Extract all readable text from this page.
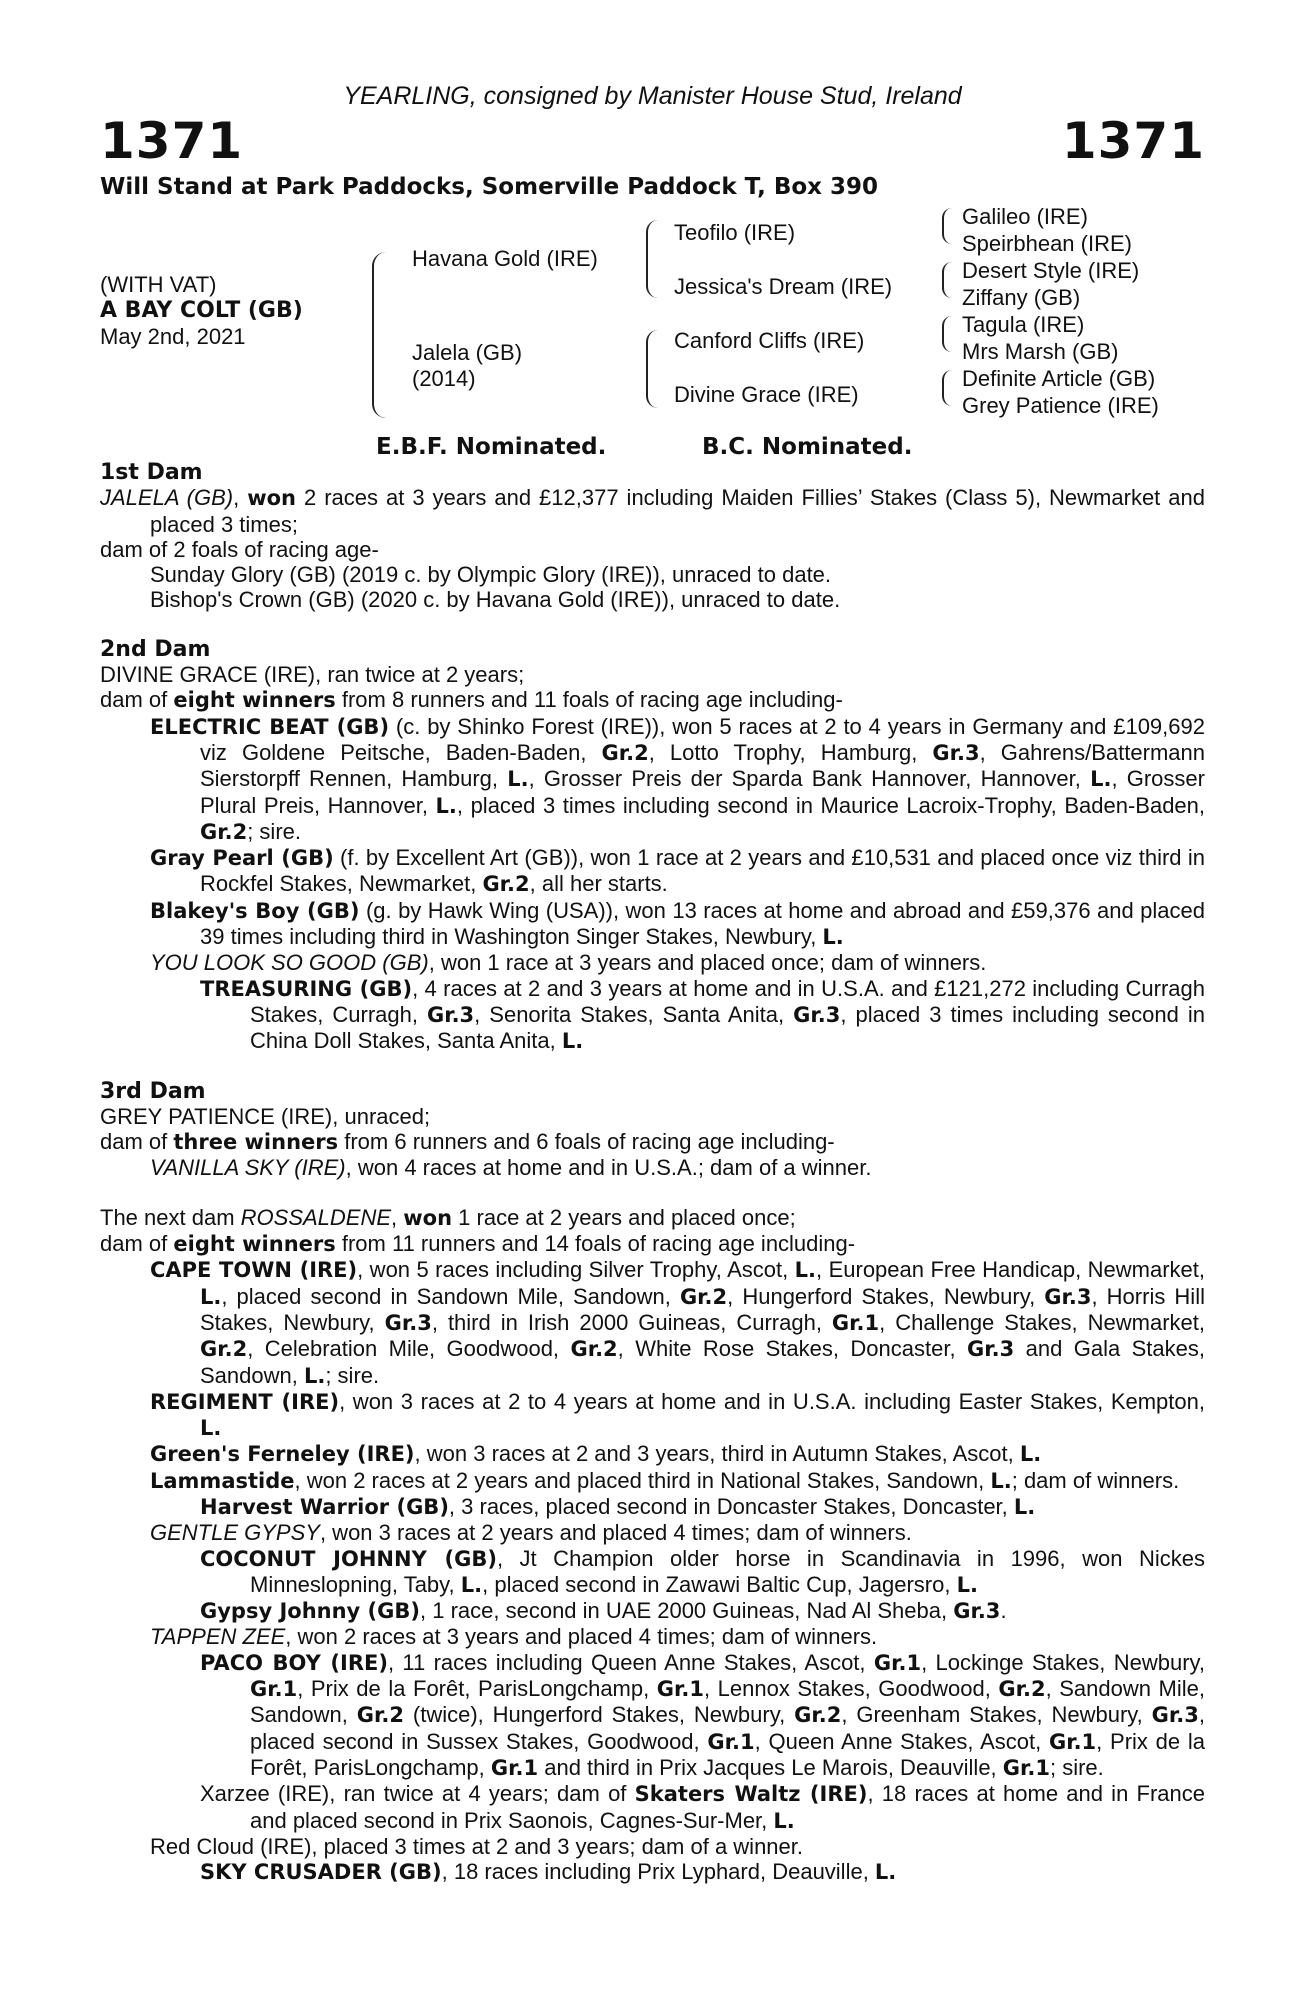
YEARLING, consigned by Manister House Stud, Ireland
1371	1371
Will Stand at Park Paddocks, Somerville Paddock T, Box 390
(WITH VAT)
A BAY COLT (GB)
May 2nd, 2021
Havana Gold (IRE)
Jalela (GB)
(2014)
Teofilo (IRE)
Jessica's Dream (IRE)
Canford Cliffs (IRE)
Divine Grace (IRE)
Galileo (IRE)
Speirbhean (IRE)
Desert Style (IRE)
Ziffany (GB)
Tagula (IRE)
Mrs Marsh (GB)
Definite Article (GB)
Grey Patience (IRE)
E.B.F. Nominated.	B.C. Nominated.

1st Dam

JALELA (GB), won 2 races at 3 years and £12,377 including Maiden Fillies’ Stakes (Class 5), Newmarket and placed 3 times;

dam of 2 foals of racing age-

Sunday Glory (GB) (2019 c. by Olympic Glory (IRE)), unraced to date.

Bishop's Crown (GB) (2020 c. by Havana Gold (IRE)), unraced to date.

2nd Dam

DIVINE GRACE (IRE), ran twice at 2 years;

dam of eight winners from 8 runners and 11 foals of racing age including-

ELECTRIC BEAT (GB) (c. by Shinko Forest (IRE)), won 5 races at 2 to 4 years in Germany and £109,692 viz Goldene Peitsche, Baden-Baden, Gr.2, Lotto Trophy, Hamburg, Gr.3, Gahrens/Battermann Sierstorpff Rennen, Hamburg, L., Grosser Preis der Sparda Bank Hannover, Hannover, L., Grosser Plural Preis, Hannover, L., placed 3 times including second in Maurice Lacroix-Trophy, Baden-Baden, Gr.2; sire.

Gray Pearl (GB) (f. by Excellent Art (GB)), won 1 race at 2 years and £10,531 and placed once viz third in Rockfel Stakes, Newmarket, Gr.2, all her starts.

Blakey's Boy (GB) (g. by Hawk Wing (USA)), won 13 races at home and abroad and £59,376 and placed 39 times including third in Washington Singer Stakes, Newbury, L.

YOU LOOK SO GOOD (GB), won 1 race at 3 years and placed once; dam of winners.

TREASURING (GB), 4 races at 2 and 3 years at home and in U.S.A. and £121,272 including Curragh Stakes, Curragh, Gr.3, Senorita Stakes, Santa Anita, Gr.3, placed 3 times including second in China Doll Stakes, Santa Anita, L.

3rd Dam

GREY PATIENCE (IRE), unraced;

dam of three winners from 6 runners and 6 foals of racing age including-

VANILLA SKY (IRE), won 4 races at home and in U.S.A.; dam of a winner.

The next dam ROSSALDENE, won 1 race at 2 years and placed once;

dam of eight winners from 11 runners and 14 foals of racing age including-

CAPE TOWN (IRE), won 5 races including Silver Trophy, Ascot, L., European Free Handicap, Newmarket, L., placed second in Sandown Mile, Sandown, Gr.2, Hungerford Stakes, Newbury, Gr.3, Horris Hill Stakes, Newbury, Gr.3, third in Irish 2000 Guineas, Curragh, Gr.1, Challenge Stakes, Newmarket, Gr.2, Celebration Mile, Goodwood, Gr.2, White Rose Stakes, Doncaster, Gr.3 and Gala Stakes, Sandown, L.; sire.

REGIMENT (IRE), won 3 races at 2 to 4 years at home and in U.S.A. including Easter Stakes, Kempton, L.

Green's Ferneley (IRE), won 3 races at 2 and 3 years, third in Autumn Stakes, Ascot, L.

Lammastide, won 2 races at 2 years and placed third in National Stakes, Sandown, L.; dam of winners.

Harvest Warrior (GB), 3 races, placed second in Doncaster Stakes, Doncaster, L.

GENTLE GYPSY, won 3 races at 2 years and placed 4 times; dam of winners.

COCONUT JOHNNY (GB), Jt Champion older horse in Scandinavia in 1996, won Nickes Minneslopning, Taby, L., placed second in Zawawi Baltic Cup, Jagersro, L.

Gypsy Johnny (GB), 1 race, second in UAE 2000 Guineas, Nad Al Sheba, Gr.3.

TAPPEN ZEE, won 2 races at 3 years and placed 4 times; dam of winners.

PACO BOY (IRE), 11 races including Queen Anne Stakes, Ascot, Gr.1, Lockinge Stakes, Newbury, Gr.1, Prix de la Forêt, ParisLongchamp, Gr.1, Lennox Stakes, Goodwood, Gr.2, Sandown Mile, Sandown, Gr.2 (twice), Hungerford Stakes, Newbury, Gr.2, Greenham Stakes, Newbury, Gr.3, placed second in Sussex Stakes, Goodwood, Gr.1, Queen Anne Stakes, Ascot, Gr.1, Prix de la Forêt, ParisLongchamp, Gr.1 and third in Prix Jacques Le Marois, Deauville, Gr.1; sire.

Xarzee (IRE), ran twice at 4 years; dam of Skaters Waltz (IRE), 18 races at home and in France and placed second in Prix Saonois, Cagnes-Sur-Mer, L.

Red Cloud (IRE), placed 3 times at 2 and 3 years; dam of a winner.

SKY CRUSADER (GB), 18 races including Prix Lyphard, Deauville, L.
